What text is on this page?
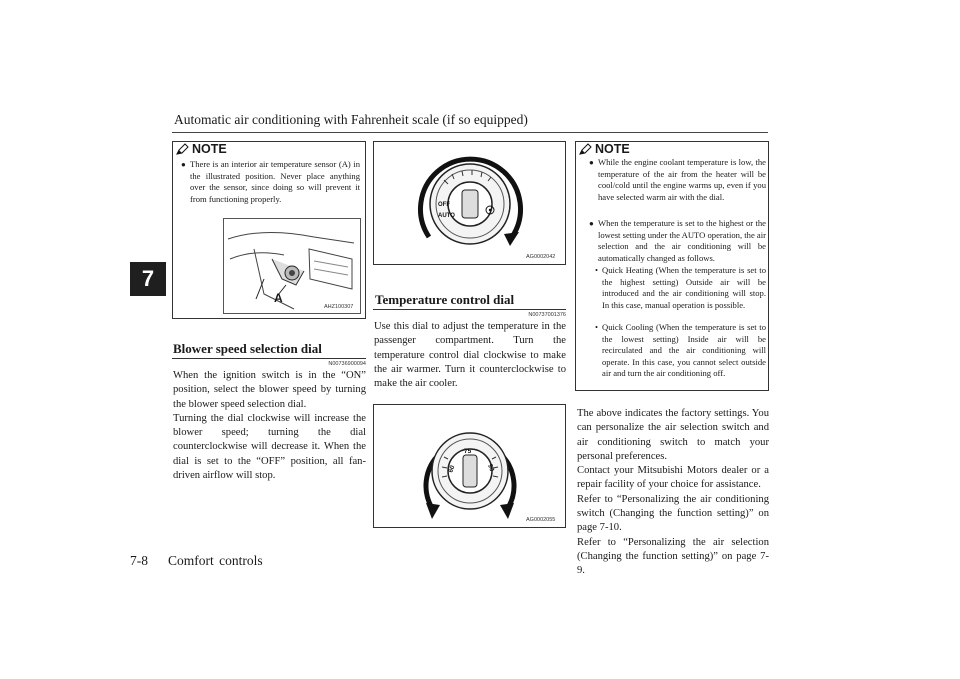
Automatic air conditioning with Fahrenheit scale (if so equipped)
7
NOTE
● There is an interior air temperature sensor (A) in the illustrated position. Never place anything over the sensor, since doing so will prevent it from functioning properly.
A
AHZ100307
Blower speed selection dial
N00736900094

When the ignition switch is in the “ON” position, select the blower speed by turning the blower speed selection dial.

Turning the dial clockwise will increase the blower speed; turning the dial counterclockwise will decrease it. When the dial is set to the “OFF” position, all fan-driven airflow will stop.

OFF
AUTO
AG0002042
Temperature control dial
N00737001376

Use this dial to adjust the temperature in the passenger compartment. Turn the temperature control dial clockwise to make the air warmer. Turn it counterclockwise to make the air cooler.

60
75
90
AG0002055
NOTE
● While the engine coolant temperature is low, the temperature of the air from the heater will be cool/cold until the engine warms up, even if you have selected warm air with the dial.
● When the temperature is set to the highest or the lowest setting under the AUTO operation, the air selection and the air conditioning will be automatically changed as follows.
• Quick Heating (When the temperature is set to the highest setting) Outside air will be introduced and the air conditioning will stop. In this case, manual operation is possible.
• Quick Cooling (When the temperature is set to the lowest setting) Inside air will be recirculated and the air conditioning will operate. In this case, you cannot select outside air and turn the air conditioning off.

The above indicates the factory settings. You can personalize the air selection switch and air conditioning switch to match your personal preferences.

Contact your Mitsubishi Motors dealer or a repair facility of your choice for assistance.

Refer to “Personalizing the air conditioning switch (Changing the function setting)” on page 7-10.

Refer to “Personalizing the air selection (Changing the function setting)” on page 7-9.

7-8 Comfort controls
